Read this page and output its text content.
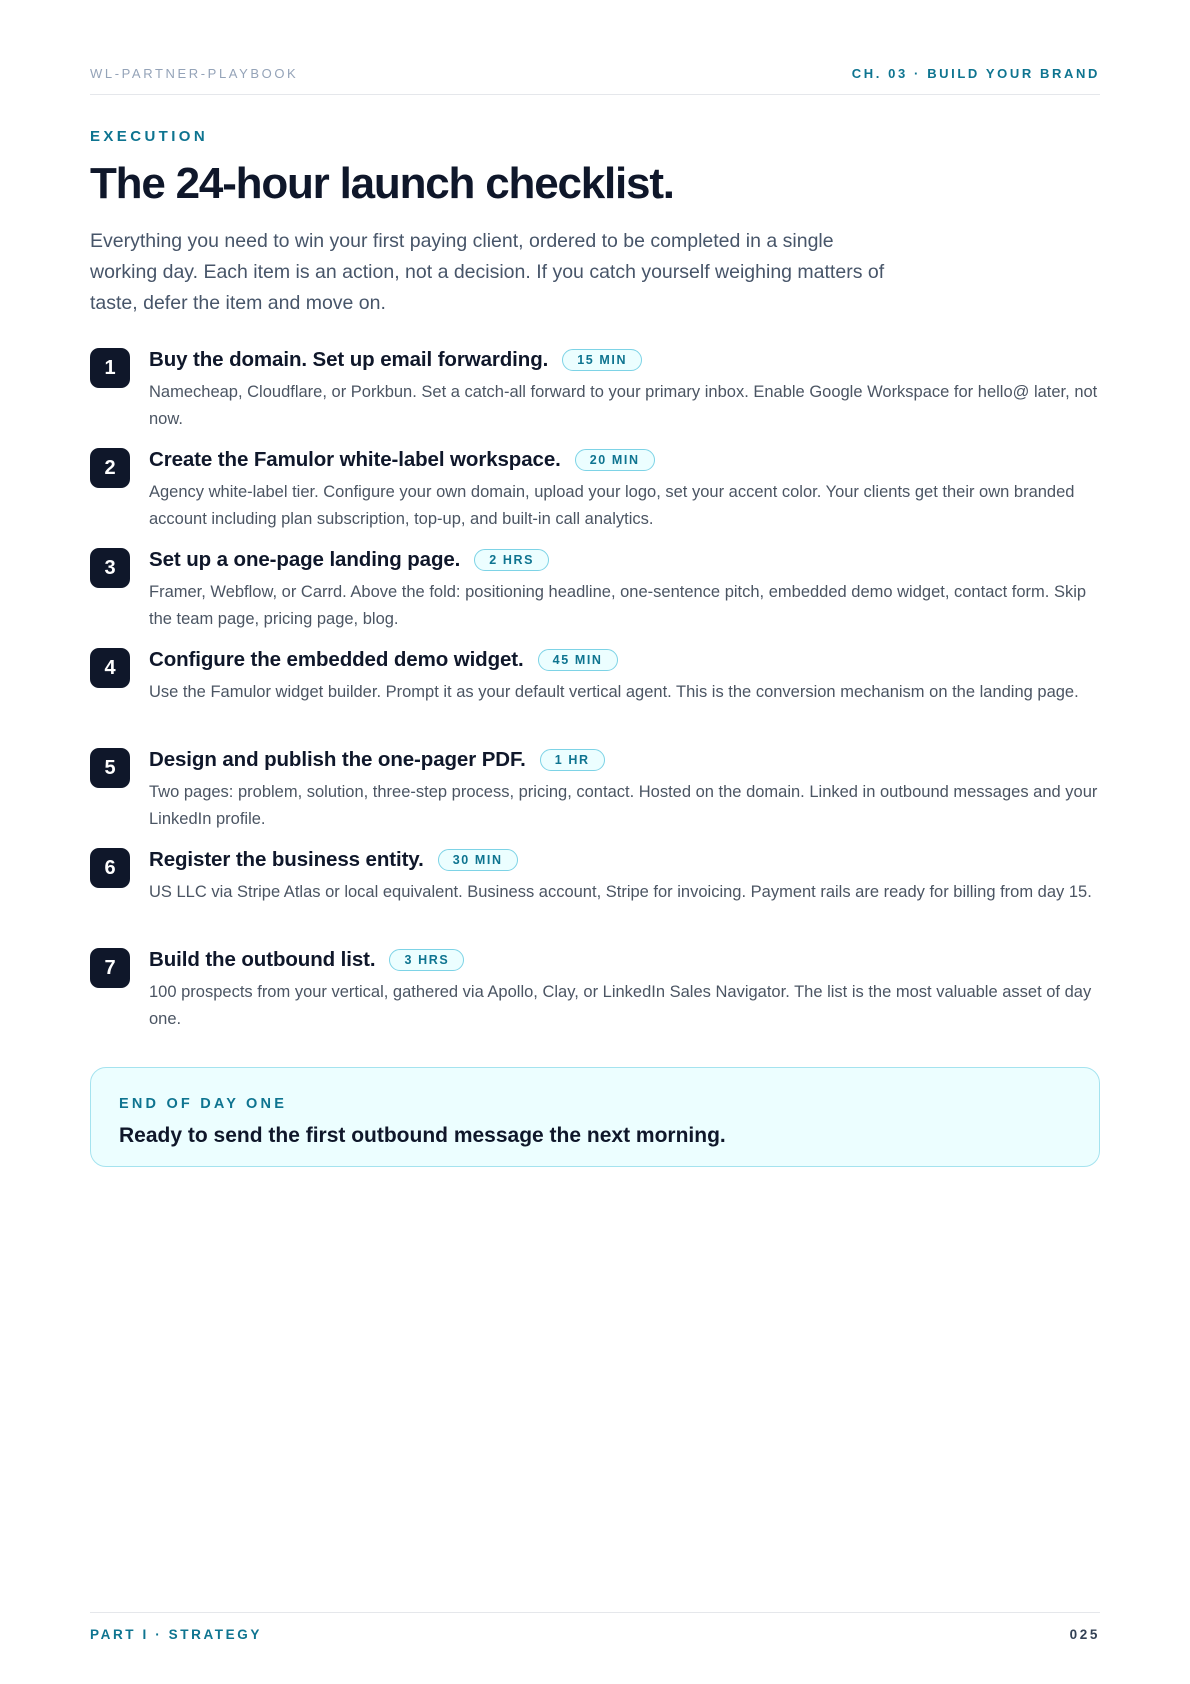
WL-PARTNER-PLAYBOOK	CH. 03 · BUILD YOUR BRAND
EXECUTION
The 24-hour launch checklist.

Everything you need to win your first paying client, ordered to be completed in a single working day. Each item is an action, not a decision. If you catch yourself weighing matters of taste, defer the item and move on.

1	Buy the domain. Set up email forwarding.	15 MIN

Namecheap, Cloudflare, or Porkbun. Set a catch-all forward to your primary inbox. Enable Google Workspace for hello@ later, not now.

2	Create the Famulor white-label workspace.	20 MIN

Agency white-label tier. Configure your own domain, upload your logo, set your accent color. Your clients get their own branded account including plan subscription, top-up, and built-in call analytics.

3	Set up a one-page landing page.	2 HRS

Framer, Webflow, or Carrd. Above the fold: positioning headline, one-sentence pitch, embedded demo widget, contact form. Skip the team page, pricing page, blog.

4	Configure the embedded demo widget.	45 MIN

Use the Famulor widget builder. Prompt it as your default vertical agent. This is the conversion mechanism on the landing page.

5	Design and publish the one-pager PDF.	1 HR

Two pages: problem, solution, three-step process, pricing, contact. Hosted on the domain. Linked in outbound messages and your LinkedIn profile.

6	Register the business entity.	30 MIN

US LLC via Stripe Atlas or local equivalent. Business account, Stripe for invoicing. Payment rails are ready for billing from day 15.

7	Build the outbound list.	3 HRS

100 prospects from your vertical, gathered via Apollo, Clay, or LinkedIn Sales Navigator. The list is the most valuable asset of day one.

END OF DAY ONE
Ready to send the first outbound message the next morning.
PART I · STRATEGY	025
